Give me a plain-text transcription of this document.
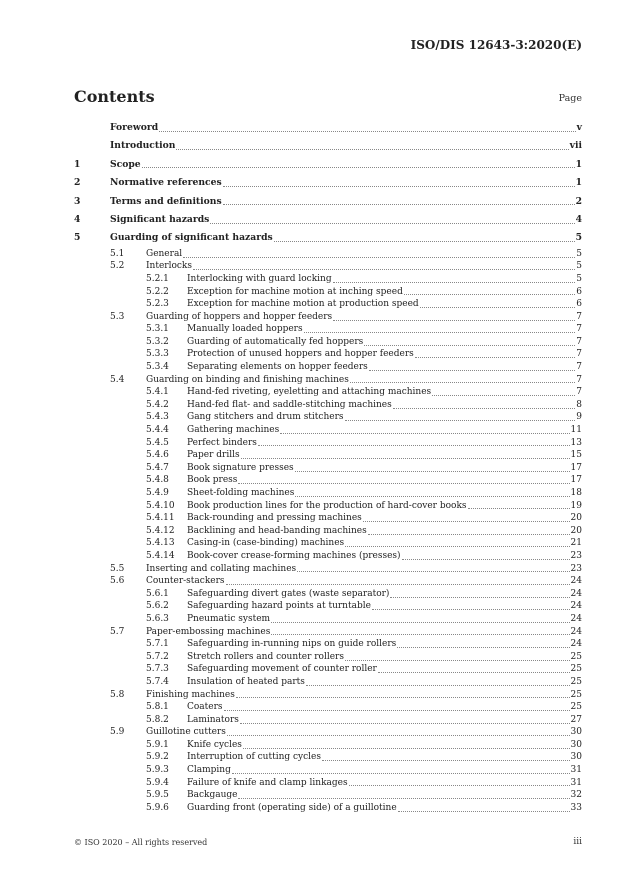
ISO/DIS 12643-3:2020(E)
Contents	Page
Foreword	v
Introduction	vii
1	Scope	1
2	Normative references	1
3	Terms and definitions	2
4	Significant hazards	4
5	Guarding of significant hazards	5
5.1	General	5
5.2	Interlocks	5
5.2.1	Interlocking with guard locking	5
5.2.2	Exception for machine motion at inching speed	6
5.2.3	Exception for machine motion at production speed	6
5.3	Guarding of hoppers and hopper feeders	7
5.3.1	Manually loaded hoppers	7
5.3.2	Guarding of automatically fed hoppers	7
5.3.3	Protection of unused hoppers and hopper feeders	7
5.3.4	Separating elements on hopper feeders	7
5.4	Guarding on binding and finishing machines	7
5.4.1	Hand-fed riveting, eyeletting and attaching machines	7
5.4.2	Hand-fed flat- and saddle-stitching machines	8
5.4.3	Gang stitchers and drum stitchers	9
5.4.4	Gathering machines	11
5.4.5	Perfect binders	13
5.4.6	Paper drills	15
5.4.7	Book signature presses	17
5.4.8	Book press	17
5.4.9	Sheet-folding machines	18
5.4.10	Book production lines for the production of hard-cover books	19
5.4.11	Back-rounding and pressing machines	20
5.4.12	Backlining and head-banding machines	20
5.4.13	Casing-in (case-binding) machines	21
5.4.14	Book-cover crease-forming machines (presses)	23
5.5	Inserting and collating machines	23
5.6	Counter-stackers	24
5.6.1	Safeguarding divert gates (waste separator)	24
5.6.2	Safeguarding hazard points at turntable	24
5.6.3	Pneumatic system	24
5.7	Paper-embossing machines	24
5.7.1	Safeguarding in-running nips on guide rollers	24
5.7.2	Stretch rollers and counter rollers	25
5.7.3	Safeguarding movement of counter roller	25
5.7.4	Insulation of heated parts	25
5.8	Finishing machines	25
5.8.1	Coaters	25
5.8.2	Laminators	27
5.9	Guillotine cutters	30
5.9.1	Knife cycles	30
5.9.2	Interruption of cutting cycles	30
5.9.3	Clamping	31
5.9.4	Failure of knife and clamp linkages	31
5.9.5	Backgauge	32
5.9.6	Guarding front (operating side) of a guillotine	33
© ISO 2020 – All rights reserved	iii
